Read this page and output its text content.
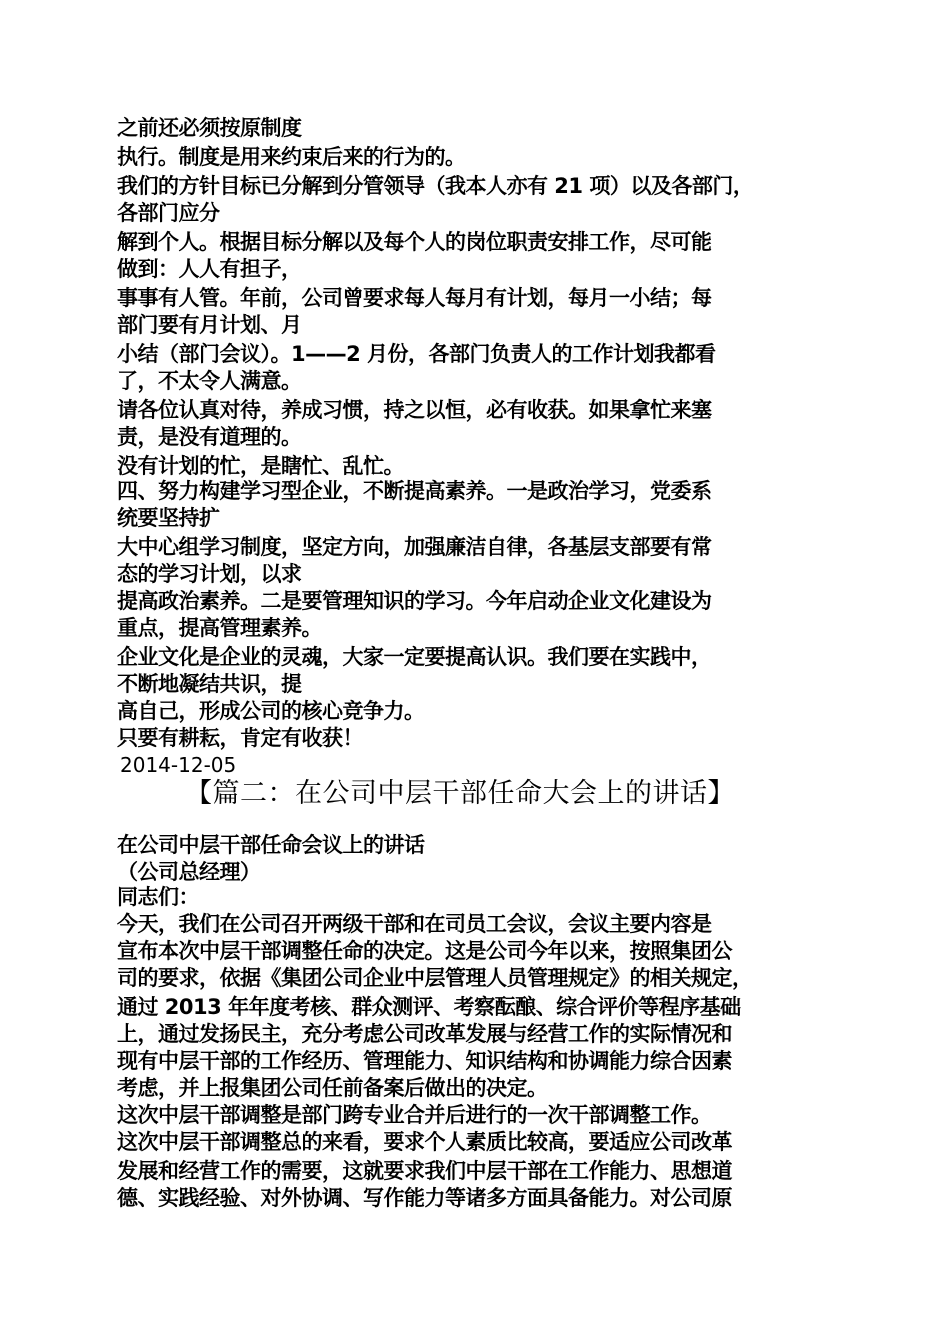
之前还必须按原制度
执行。制度是用来约束后来的行为的。
我们的方针目标已分解到分管领导（我本人亦有 21 项）以及各部门，
各部门应分
解到个人。根据目标分解以及每个人的岗位职责安排工作，尽可能
做到：人人有担子，
事事有人管。年前，公司曾要求每人每月有计划，每月一小结；每
部门要有月计划、月
小结（部门会议）。1——2 月份，各部门负责人的工作计划我都看
了，不太令人满意。
请各位认真对待，养成习惯，持之以恒，必有收获。如果拿忙来塞
责，是没有道理的。
没有计划的忙，是瞎忙、乱忙。
四、努力构建学习型企业，不断提高素养。一是政治学习，党委系
统要坚持扩
大中心组学习制度，坚定方向，加强廉洁自律，各基层支部要有常
态的学习计划，以求
提高政治素养。二是要管理知识的学习。今年启动企业文化建设为
重点，提高管理素养。
企业文化是企业的灵魂，大家一定要提高认识。我们要在实践中，
不断地凝结共识，提
高自己，形成公司的核心竞争力。
只要有耕耘，肯定有收获！
2014-12-05
【篇二：在公司中层干部任命大会上的讲话】
在公司中层干部任命会议上的讲话
（公司总经理）
同志们：
今天，我们在公司召开两级干部和在司员工会议，会议主要内容是
宣布本次中层干部调整任命的决定。这是公司今年以来，按照集团公
司的要求，依据《集团公司企业中层管理人员管理规定》的相关规定，
通过 2013 年年度考核、群众测评、考察酝酿、综合评价等程序基础
上，通过发扬民主，充分考虑公司改革发展与经营工作的实际情况和
现有中层干部的工作经历、管理能力、知识结构和协调能力综合因素
考虑，并上报集团公司任前备案后做出的决定。
这次中层干部调整是部门跨专业合并后进行的一次干部调整工作。
这次中层干部调整总的来看，要求个人素质比较高，要适应公司改革
发展和经营工作的需要，这就要求我们中层干部在工作能力、思想道
德、实践经验、对外协调、写作能力等诸多方面具备能力。对公司原
